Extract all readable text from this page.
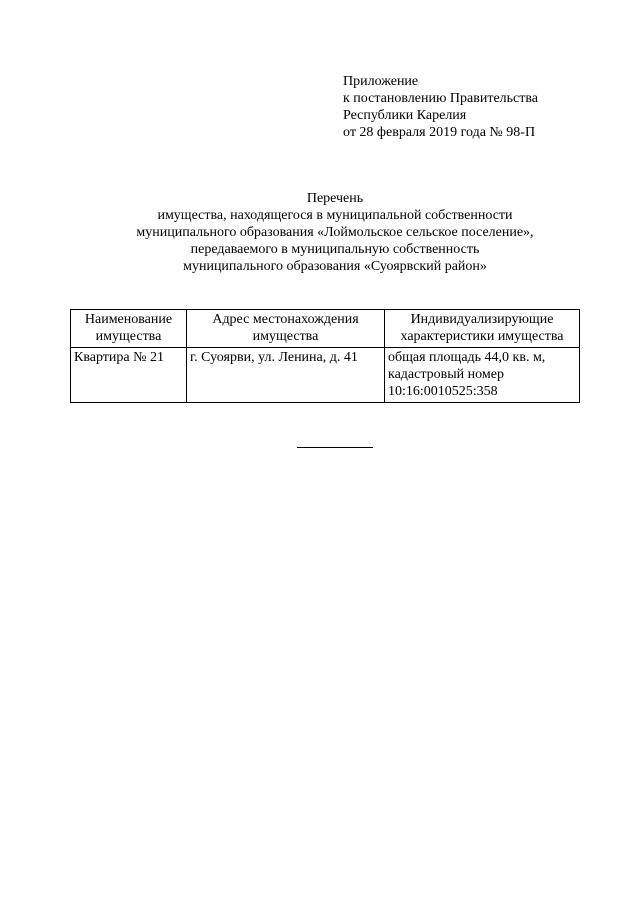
Приложение
к постановлению Правительства
Республики Карелия
от 28 февраля 2019 года № 98-П
Перечень
имущества, находящегося в муниципальной собственности
муниципального образования «Лоймольское сельское поселение»,
передаваемого в муниципальную собственность
муниципального образования «Суоярвский район»
Наименование имущества	Адрес местонахождения имущества	Индивидуализирующие характеристики имущества
Квартира № 21	г. Суоярви, ул. Ленина, д. 41	общая площадь 44,0 кв. м, кадастровый номер 10:16:0010525:358
